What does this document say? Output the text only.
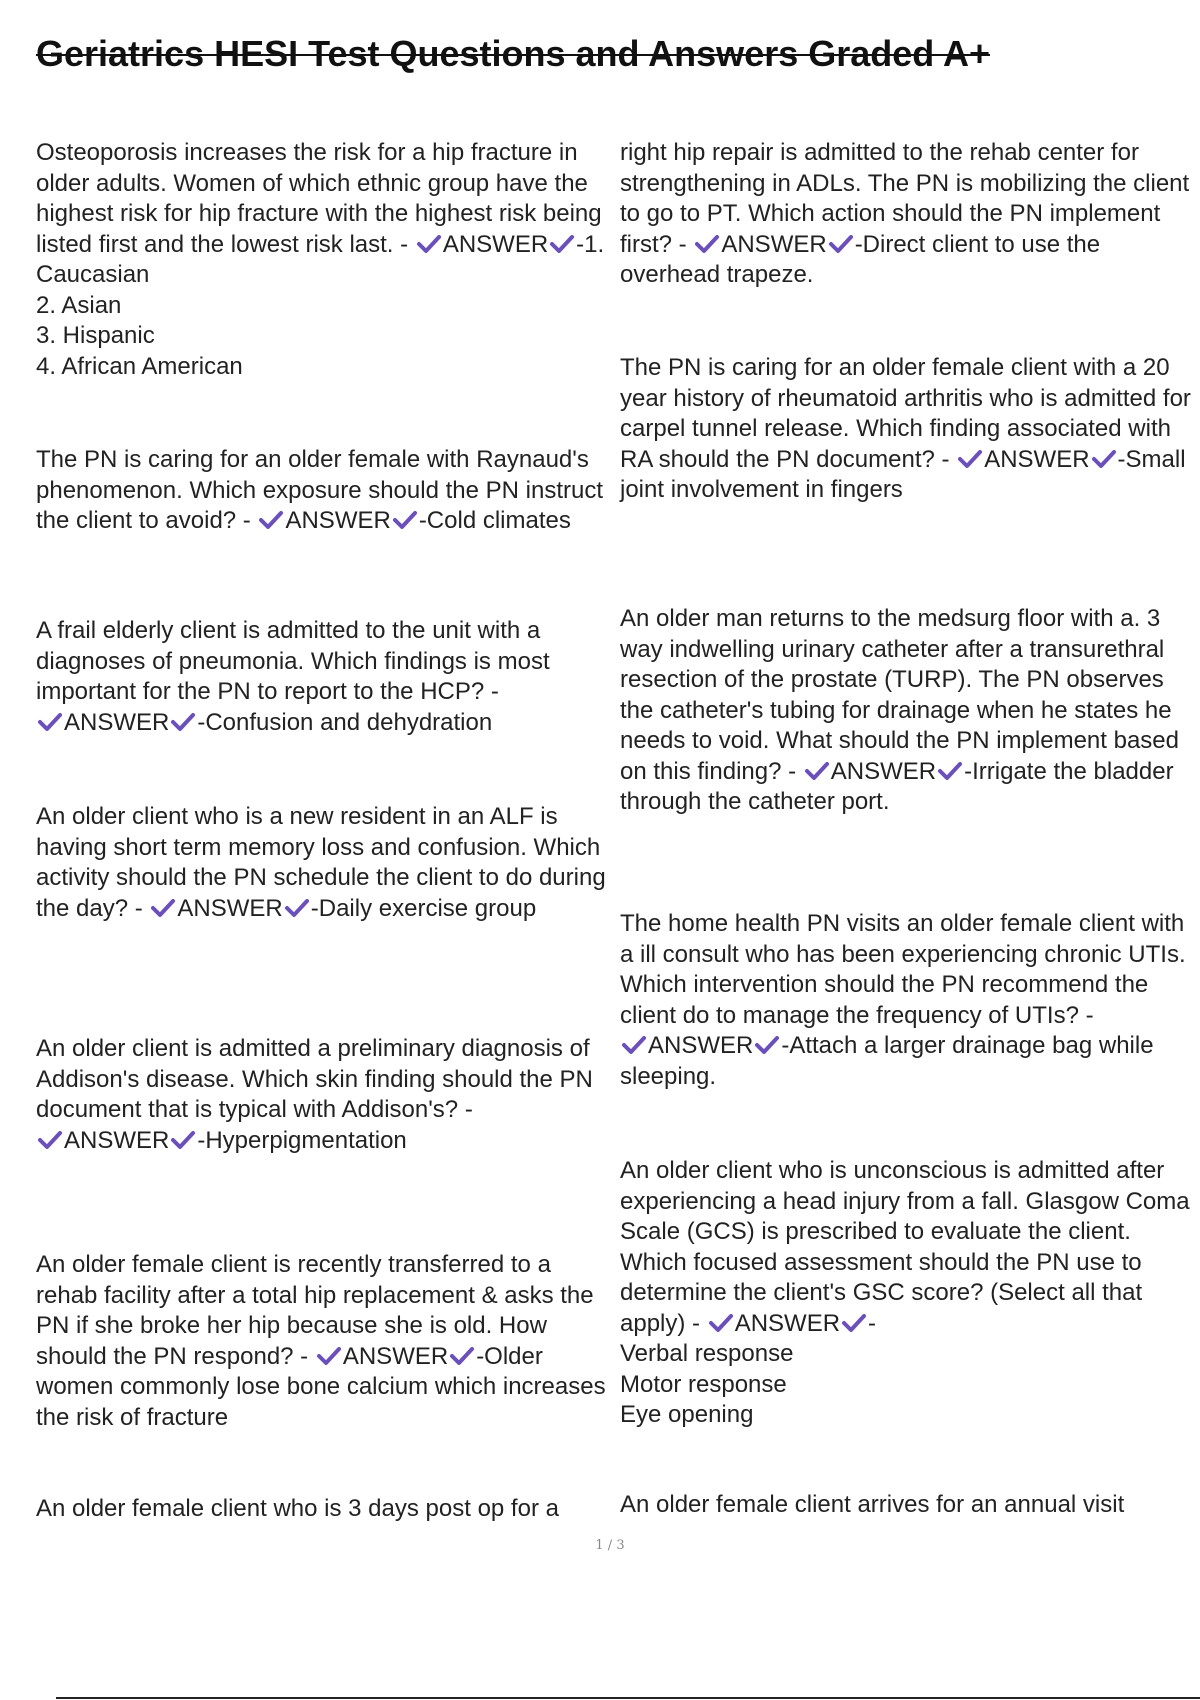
Geriatrics HESI Test Questions and Answers Graded A+
Osteoporosis increases the risk for a hip fracture in older adults. Women of which ethnic group have the highest risk for hip fracture with the highest risk being listed first and the lowest risk last. - ANSWER -1. Caucasian
2. Asian
3. Hispanic
4. African American
The PN is caring for an older female with Raynaud's phenomenon. Which exposure should the PN instruct the client to avoid? - ANSWER -Cold climates
A frail elderly client is admitted to the unit with a diagnoses of pneumonia. Which findings is most important for the PN to report to the HCP? -
ANSWER -Confusion and dehydration
An older client who is a new resident in an ALF is having short term memory loss and confusion. Which activity should the PN schedule the client to do during the day? - ANSWER -Daily exercise group
An older client is admitted a preliminary diagnosis of Addison's disease. Which skin finding should the PN document that is typical with Addison's? -
ANSWER -Hyperpigmentation
An older female client is recently transferred to a rehab facility after a total hip replacement & asks the PN if she broke her hip because she is old. How should the PN respond? - ANSWER -Older women commonly lose bone calcium which increases the risk of fracture
An older female client who is 3 days post op for a
right hip repair is admitted to the rehab center for strengthening in ADLs. The PN is mobilizing the client to go to PT. Which action should the PN implement first? - ANSWER -Direct client to use the overhead trapeze.
The PN is caring for an older female client with a 20 year history of rheumatoid arthritis who is admitted for carpel tunnel release. Which finding associated with RA should the PN document? - ANSWER -Small joint involvement in fingers
An older man returns to the medsurg floor with a. 3 way indwelling urinary catheter after a transurethral resection of the prostate (TURP). The PN observes the catheter's tubing for drainage when he states he needs to void. What should the PN implement based on this finding? - ANSWER -Irrigate the bladder through the catheter port.
The home health PN visits an older female client with a ill consult who has been experiencing chronic UTIs. Which intervention should the PN recommend the client do to manage the frequency of UTIs? -
ANSWER -Attach a larger drainage bag while sleeping.
An older client who is unconscious is admitted after experiencing a head injury from a fall. Glasgow Coma Scale (GCS) is prescribed to evaluate the client. Which focused assessment should the PN use to determine the client's GSC score? (Select all that apply) - ANSWER -
Verbal response
Motor response
Eye opening
An older female client arrives for an annual visit
1 / 3
